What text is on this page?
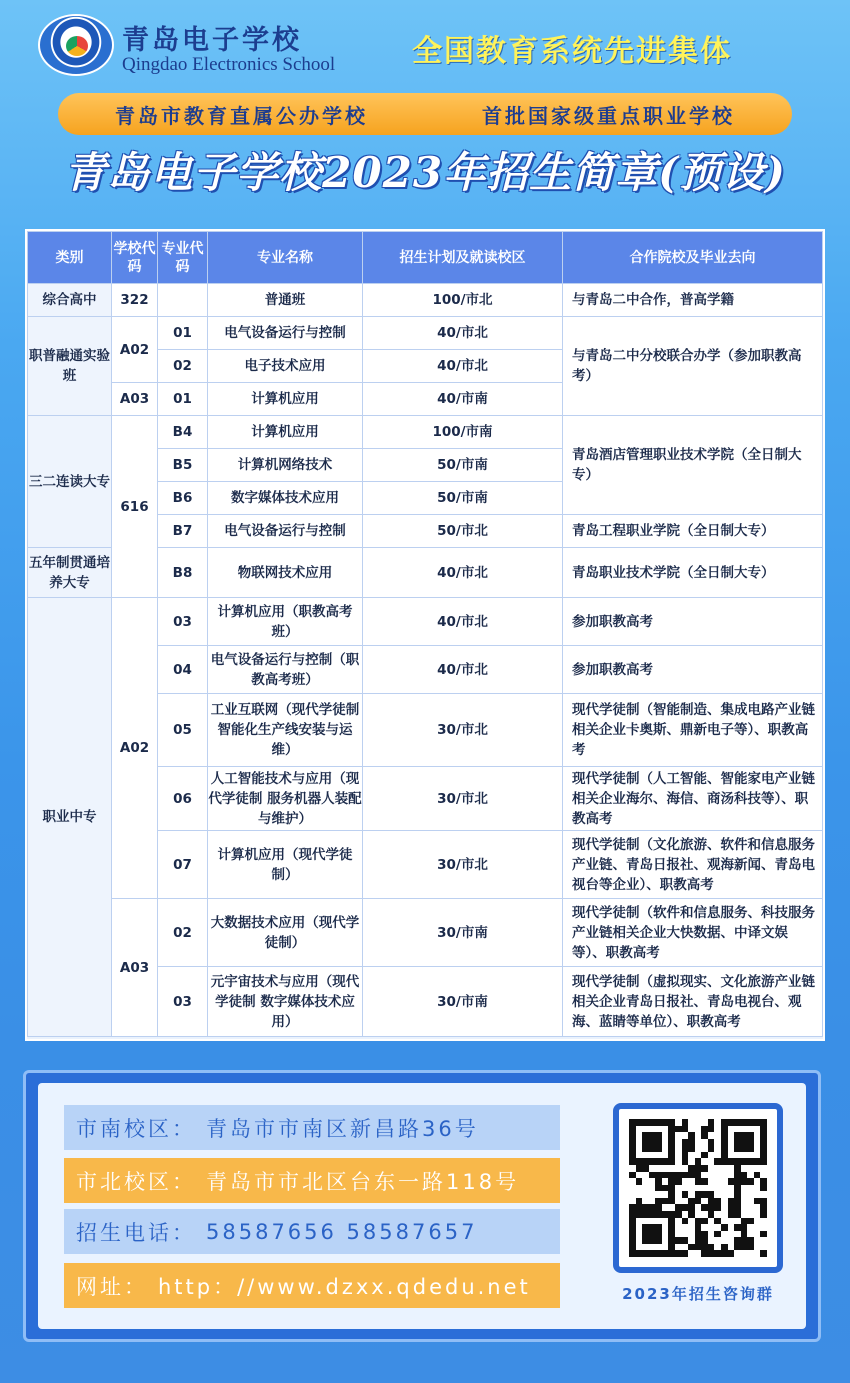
青岛电子学校
Qingdao Electronics School	全国教育系统先进集体
青岛市教育直属公办学校	首批国家级重点职业学校
青岛电子学校2023年招生简章(预设)
类别	学校代码	专业代码	专业名称	招生计划及就读校区	合作院校及毕业去向
综合高中	322		普通班	100/市北	与青岛二中合作，普高学籍
职普融通实验班	A02	01	电气设备运行与控制	40/市北	与青岛二中分校联合办学（参加职教高考）
		02	电子技术应用	40/市北	
	A03	01	计算机应用	40/市南	
三二连读大专	616	B4	计算机应用	100/市南	青岛酒店管理职业技术学院（全日制大专）
		B5	计算机网络技术	50/市南	
		B6	数字媒体技术应用	50/市南	
		B7	电气设备运行与控制	50/市北	青岛工程职业学院（全日制大专）
五年制贯通培养大专		B8	物联网技术应用	40/市北	青岛职业技术学院（全日制大专）
职业中专	A02	03	计算机应用（职教高考班）	40/市北	参加职教高考
		04	电气设备运行与控制（职教高考班）	40/市北	参加职教高考
		05	工业互联网（现代学徒制 智能化生产线安装与运维）	30/市北	现代学徒制（智能制造、集成电路产业链相关企业卡奥斯、鼎新电子等）、职教高考
		06	人工智能技术与应用（现代学徒制 服务机器人装配与维护）	30/市北	现代学徒制（人工智能、智能家电产业链相关企业海尔、海信、商汤科技等）、职教高考
		07	计算机应用（现代学徒制）	30/市北	现代学徒制（文化旅游、软件和信息服务产业链、青岛日报社、观海新闻、青岛电视台等企业）、职教高考
	A03	02	大数据技术应用（现代学徒制）	30/市南	现代学徒制（软件和信息服务、科技服务产业链相关企业大快数据、中译文娱等）、职教高考
		03	元宇宙技术与应用（现代学徒制 数字媒体技术应用）	30/市南	现代学徒制（虚拟现实、文化旅游产业链相关企业青岛日报社、青岛电视台、观海、蓝睛等单位）、职教高考
市南校区： 青岛市市南区新昌路36号
市北校区： 青岛市市北区台东一路118号
招生电话： 58587656 58587657
网址： http：//www.dzxx.qdedu.net	2023年招生咨询群
